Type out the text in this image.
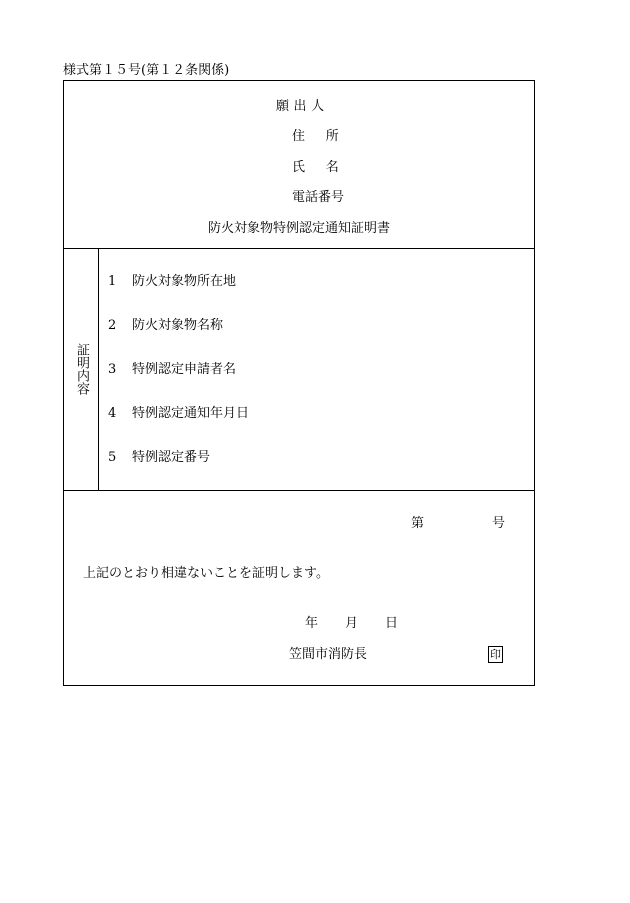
様式第１５号(第１２条関係)
願出人
住所
氏名
電話番号
防火対象物特例認定通知証明書
証明内容
1 防火対象物所在地
2 防火対象物名称
3 特例認定申請者名
4 特例認定通知年月日
5 特例認定番号
第	号
上記のとおり相違ないことを証明します。
年 月 日
笠間市消防長	印
